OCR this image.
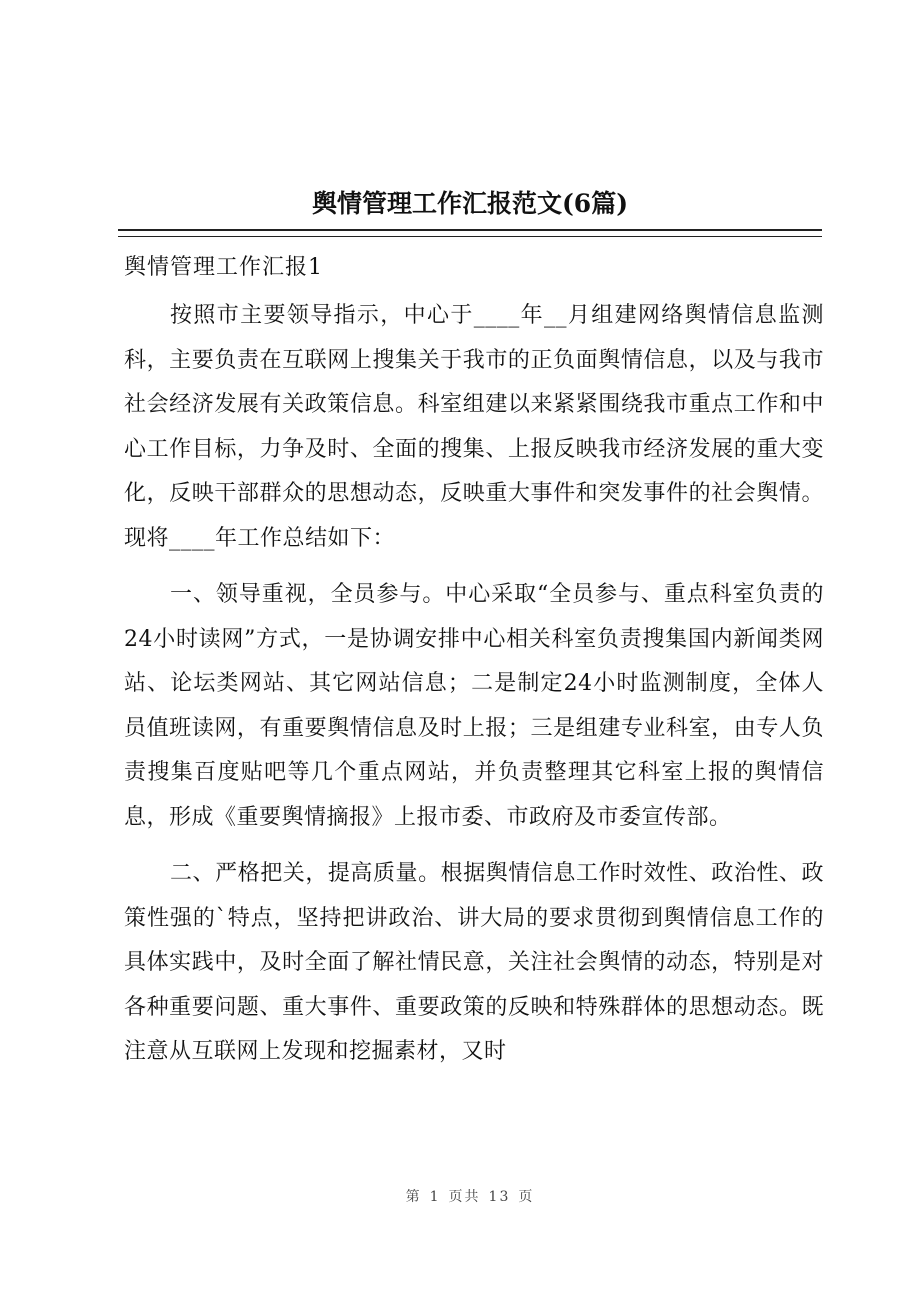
舆情管理工作汇报范文(6篇)
舆情管理工作汇报1

按照市主要领导指示，中心于____年__月组建网络舆情信息监测科，主要负责在互联网上搜集关于我市的正负面舆情信息，以及与我市社会经济发展有关政策信息。科室组建以来紧紧围绕我市重点工作和中心工作目标，力争及时、全面的搜集、上报反映我市经济发展的重大变化，反映干部群众的思想动态，反映重大事件和突发事件的社会舆情。现将____年工作总结如下：

一、领导重视，全员参与。中心采取“全员参与、重点科室负责的24小时读网”方式，一是协调安排中心相关科室负责搜集国内新闻类网站、论坛类网站、其它网站信息；二是制定24小时监测制度，全体人员值班读网，有重要舆情信息及时上报；三是组建专业科室，由专人负责搜集百度贴吧等几个重点网站，并负责整理其它科室上报的舆情信息，形成《重要舆情摘报》上报市委、市政府及市委宣传部。

二、严格把关，提高质量。根据舆情信息工作时效性、政治性、政策性强的`特点，坚持把讲政治、讲大局的要求贯彻到舆情信息工作的具体实践中，及时全面了解社情民意，关注社会舆情的动态，特别是对各种重要问题、重大事件、重要政策的反映和特殊群体的思想动态。既注意从互联网上发现和挖掘素材，又时

第 1 页共 13 页
